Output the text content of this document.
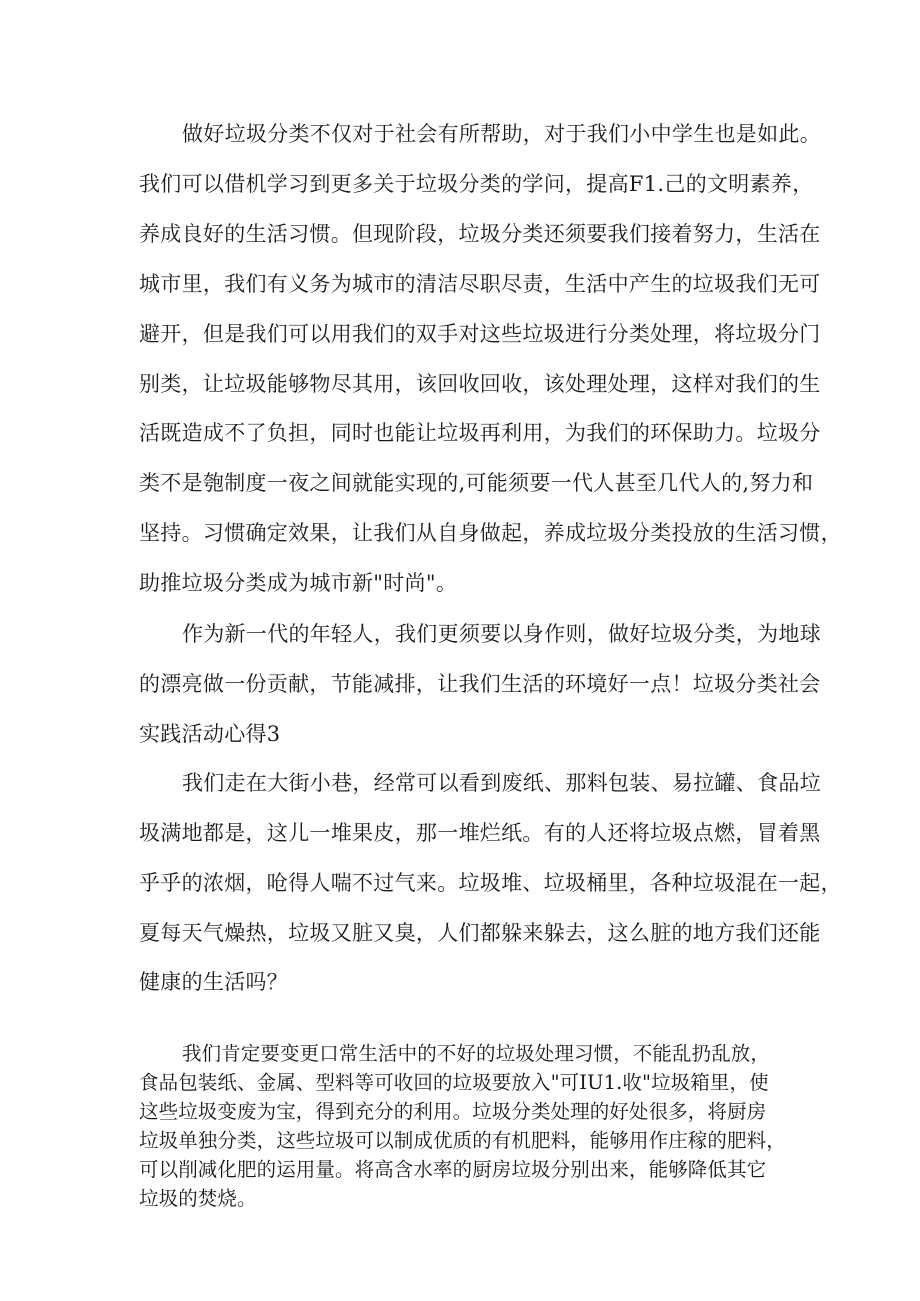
做好垃圾分类不仅对于社会有所帮助，对于我们小中学生也是如此。
我们可以借机学习到更多关于垃圾分类的学问，提高F1.己的文明素养，
养成良好的生活习惯。但现阶段，垃圾分类还须要我们接着努力，生活在
城市里，我们有义务为城市的清洁尽职尽责，生活中产生的垃圾我们无可
避开，但是我们可以用我们的双手对这些垃圾进行分类处理，将垃圾分门
别类，让垃圾能够物尽其用，该回收回收，该处理处理，这样对我们的生
活既造成不了负担，同时也能让垃圾再利用，为我们的环保助力。垃圾分
类不是匏制度一夜之间就能实现的,可能须要一代人甚至几代人的,努力和
坚持。习惯确定效果，让我们从自身做起，养成垃圾分类投放的生活习惯，
助推垃圾分类成为城市新"时尚"。
作为新一代的年轻人，我们更须要以身作则，做好垃圾分类，为地球
的漂亮做一份贡献，节能减排，让我们生活的环境好一点！垃圾分类社会
实践活动心得3
我们走在大街小巷，经常可以看到废纸、那料包装、易拉罐、食品垃
圾满地都是，这儿一堆果皮，那一堆烂纸。有的人还将垃圾点燃，冒着黑
乎乎的浓烟，呛得人喘不过气来。垃圾堆、垃圾桶里，各种垃圾混在一起，
夏每天气燥热，垃圾又脏又臭，人们都躲来躲去，这么脏的地方我们还能
健康的生活吗？
我们肯定要变更口常生活中的不好的垃圾处理习惯，不能乱扔乱放，
食品包装纸、金属、型料等可收回的垃圾要放入"可IU1.收"垃圾箱里，使
这些垃圾变废为宝，得到充分的利用。垃圾分类处理的好处很多，将厨房
垃圾单独分类，这些垃圾可以制成优质的有机肥料，能够用作庄稼的肥料，
可以削减化肥的运用量。将高含水率的厨房垃圾分别出来，能够降低其它
垃圾的焚烧。
